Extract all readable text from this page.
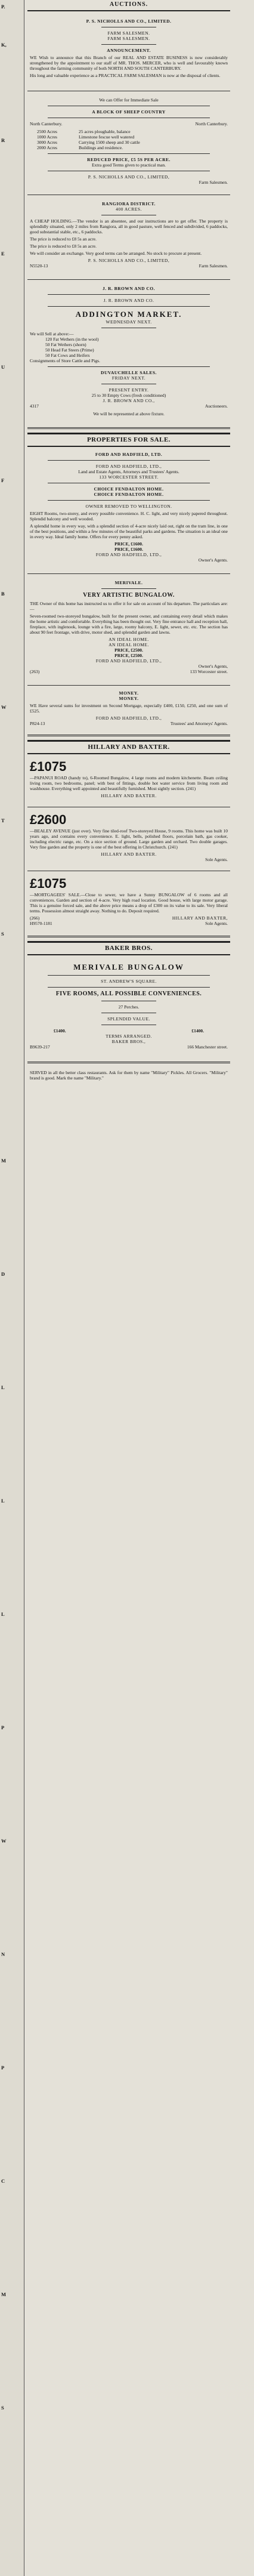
P.
K,
R
E
U
F
B
W
T
S
M
D
L
L
L
P
W
N
P
C
M
S
AUCTIONS.
P. S. NICHOLLS AND CO., LIMITED.
FARM SALESMEN.
FARM SALESMEN.
ANNOUNCEMENT.

WE Wish to announce that this Branch of our REAL AND ESTATE BUSINESS is now considerably strengthened by the appointment to our staff of MR. THOS. MERCER, who is well and favourably known throughout the farming community of both NORTH AND SOUTH CANTERBURY.

His long and valuable experience as a PRACTICAL FARM SALESMAN is now at the disposal of clients.

We can Offer for Immediate Sale
A BLOCK OF SHEEP COUNTRY
North Canterbury.	North Canterbury.
2500 Acres	25 acres ploughable, balance
1000 Acres	Limestone fescue well watered
3000 Acres	Carrying 1500 sheep and 30 cattle
2000 Acres	Buildings and residence.
REDUCED PRICE, £5 5S PER ACRE.
Extra good Terms given to practical man.
P. S. NICHOLLS AND CO., LIMITED,
Farm Salesmen.
RANGIORA DISTRICT.
400 ACRES.

A CHEAP HOLDING.—The vendor is an absentee, and our instructions are to get offer. The property is splendidly situated, only 2 miles from Rangiora, all in good pasture, well fenced and subdivided, 6 paddocks, good substantial stable, etc., 6 paddocks.

The price is reduced to £8 5s an acre.

The price is reduced to £8 5s an acre.

We will consider an exchange. Very good terms can be arranged. No stock to procure at present.

P. S. NICHOLLS AND CO., LIMITED,
N5520-13	Farm Salesmen.
J. R. BROWN AND CO.
J. R. BROWN AND CO.
ADDINGTON MARKET.
WEDNESDAY NEXT.
We will Sell at above:—
120 Fat Wethers (in the wool)
50 Fat Wethers (shorn)
50 Head Fat Steers (Prime)
50 Fat Cows and Heifers
Consignments of Store Cattle and Pigs.
DUVAUCHELLE SALES.
FRIDAY NEXT.
PRESENT ENTRY.
25 to 30 Empty Cows (fresh conditioned)
J. R. BROWN AND CO.,
4317	Auctioneers.
We will be represented at above fixture.
PROPERTIES FOR SALE.
FORD AND HADFIELD, LTD.
FORD AND HADFIELD, LTD.,
Land and Estate Agents, Attorneys and Trustees' Agents.
133 WORCESTER STREET.
CHOICE FENDALTON HOME.
CHOICE FENDALTON HOME.
OWNER REMOVED TO WELLINGTON.

EIGHT Rooms, two-storey, and every possible convenience. H. C. light, and very nicely papered throughout. Splendid balcony and well wooded.

A splendid home in every way, with a splendid section of 4-acre nicely laid out, right on the tram line, in one of the best positions, and within a few minutes of the beautiful parks and gardens. The situation is an ideal one in every way. Ideal family home. Offers for every penny asked.

PRICE, £1600.
PRICE, £1600.
FORD AND HADFIELD, LTD.,
Owner's Agents.
MERIVALE.
VERY ARTISTIC BUNGALOW.

THE Owner of this home has instructed us to offer it for sale on account of his departure. The particulars are:—

Seven-roomed two-storeyed bungalow, built for the present owner, and containing every detail which makes the home artistic and comfortable. Everything has been thought out. Very fine entrance hall and reception hall, fireplace, with inglenook, lounge with a fire, large, roomy balcony, E. light, sewer, etc. etc. The section has about 90 feet frontage, with drive, motor shed, and splendid garden and lawns.

AN IDEAL HOME.
AN IDEAL HOME.
PRICE, £2500.
PRICE, £2500.
FORD AND HADFIELD, LTD.,
Owner's Agents,
(263)	133 Worcester street.
MONEY.
MONEY.

WE Have several sums for investment on Second Mortgage, especially £400, £150, £250, and one sum of £525.

FORD AND HADFIELD, LTD.,
P824-13	Trustees' and Attorneys' Agents.
HILLARY AND BAXTER.
£1075

—PAPANUI ROAD (handy to), 6-Roomed Bungalow, 4 large rooms and modern kitchenette. Beam ceiling living room, two bedrooms, panel; with best of fittings, double hot water service from living room and washhouse. Everything well appointed and beautifully furnished. Most sightly section. (241)

HILLARY AND BAXTER.
£2600

—BEALEY AVENUE (just over). Very fine tiled-roof Two-storeyed House, 9 rooms. This home was built 10 years ago, and contains every convenience. E. light, bells, polished floors, porcelain bath, gas cooker, including electric range, etc. On a nice section of ground. Large garden and orchard. Two double garages. Very fine garden and the property is one of the best offering in Christchurch. (241)

HILLARY AND BAXTER.
Sole Agents.
£1075

—MORTGAGEES' SALE.—Close to sewer, we have a Sunny BUNGALOW of 6 rooms and all conveniences. Garden and section of 4-acre. Very high road location. Good house, with large motor garage. This is a genuine forced sale, and the above price means a drop of £300 on its value to its sale. Very liberal terms. Possession almost straight away. Nothing to do. Deposit required.

(266)	HILLARY AND BAXTER,
H9570-1181	Sole Agents.
BAKER BROS.
MERIVALE BUNGALOW
ST. ANDREW'S SQUARE.
FIVE ROOMS, ALL POSSIBLE CONVENIENCES.
27 Perches.
SPLENDID VALUE.
£1400.	£1400.
TERMS ARRANGED.
BAKER BROS.,
B9639-217	166 Manchester street.

SERVED in all the better class restaurants. Ask for them by name "Military" Pickles. All Grocers. "Military" brand is good. Mark the name "Military."
